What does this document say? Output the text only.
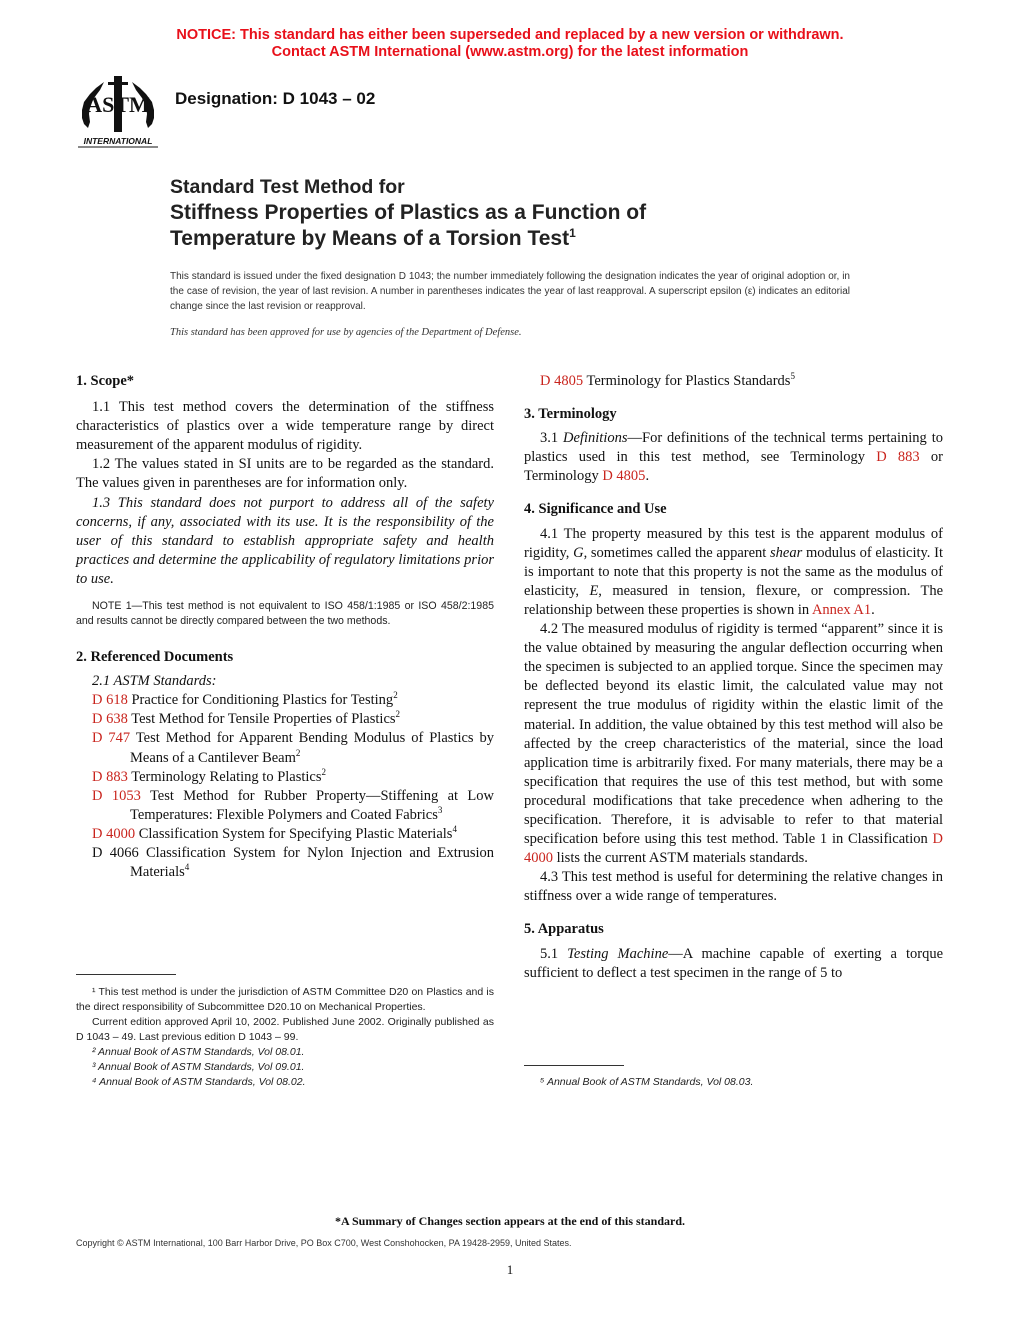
NOTICE: This standard has either been superseded and replaced by a new version or withdrawn.
Contact ASTM International (www.astm.org) for the latest information
ASTM
INTERNATIONAL
Designation: D 1043 – 02
Standard Test Method for
Stiffness Properties of Plastics as a Function of
Temperature by Means of a Torsion Test$^1$
This standard is issued under the fixed designation D 1043; the number immediately following the designation indicates the year of original adoption or, in the case of revision, the year of last revision. A number in parentheses indicates the year of last reapproval. A superscript epsilon (ε) indicates an editorial change since the last revision or reapproval.
This standard has been approved for use by agencies of the Department of Defense.

1. Scope*

1.1 This test method covers the determination of the stiffness characteristics of plastics over a wide temperature range by direct measurement of the apparent modulus of rigidity.

1.2 The values stated in SI units are to be regarded as the standard. The values given in parentheses are for information only.

1.3 This standard does not purport to address all of the safety concerns, if any, associated with its use. It is the responsibility of the user of this standard to establish appropriate safety and health practices and determine the applicability of regulatory limitations prior to use.

NOTE 1—This test method is not equivalent to ISO 458/1:1985 or ISO 458/2:1985 and results cannot be directly compared between the two methods.

2. Referenced Documents

2.1 ASTM Standards:

D 618 Practice for Conditioning Plastics for Testing$^2$

D 638 Test Method for Tensile Properties of Plastics$^2$

D 747 Test Method for Apparent Bending Modulus of Plastics by Means of a Cantilever Beam$^2$

D 883 Terminology Relating to Plastics$^2$

D 1053 Test Method for Rubber Property—Stiffening at Low Temperatures: Flexible Polymers and Coated Fabrics$^3$

D 4000 Classification System for Specifying Plastic Materials$^4$

D 4066 Classification System for Nylon Injection and Extrusion Materials$^4$

¹ This test method is under the jurisdiction of ASTM Committee D20 on Plastics and is the direct responsibility of Subcommittee D20.10 on Mechanical Properties.

Current edition approved April 10, 2002. Published June 2002. Originally published as D 1043 – 49. Last previous edition D 1043 – 99.

² Annual Book of ASTM Standards, Vol 08.01.

³ Annual Book of ASTM Standards, Vol 09.01.

⁴ Annual Book of ASTM Standards, Vol 08.02.

D 4805 Terminology for Plastics Standards$^5$

3. Terminology

3.1 Definitions—For definitions of the technical terms pertaining to plastics used in this test method, see Terminology D 883 or Terminology D 4805.

4. Significance and Use

4.1 The property measured by this test is the apparent modulus of rigidity, G, sometimes called the apparent shear modulus of elasticity. It is important to note that this property is not the same as the modulus of elasticity, E, measured in tension, flexure, or compression. The relationship between these properties is shown in Annex A1.

4.2 The measured modulus of rigidity is termed “apparent” since it is the value obtained by measuring the angular deflection occurring when the specimen is subjected to an applied torque. Since the specimen may be deflected beyond its elastic limit, the calculated value may not represent the true modulus of rigidity within the elastic limit of the material. In addition, the value obtained by this test method will also be affected by the creep characteristics of the material, since the load application time is arbitrarily fixed. For many materials, there may be a specification that requires the use of this test method, but with some procedural modifications that take precedence when adhering to the specification. Therefore, it is advisable to refer to that material specification before using this test method. Table 1 in Classification D 4000 lists the current ASTM materials standards.

4.3 This test method is useful for determining the relative changes in stiffness over a wide range of temperatures.

5. Apparatus

5.1 Testing Machine—A machine capable of exerting a torque sufficient to deflect a test specimen in the range of 5 to

⁵ Annual Book of ASTM Standards, Vol 08.03.

*A Summary of Changes section appears at the end of this standard.
Copyright © ASTM International, 100 Barr Harbor Drive, PO Box C700, West Conshohocken, PA 19428-2959, United States.
1
